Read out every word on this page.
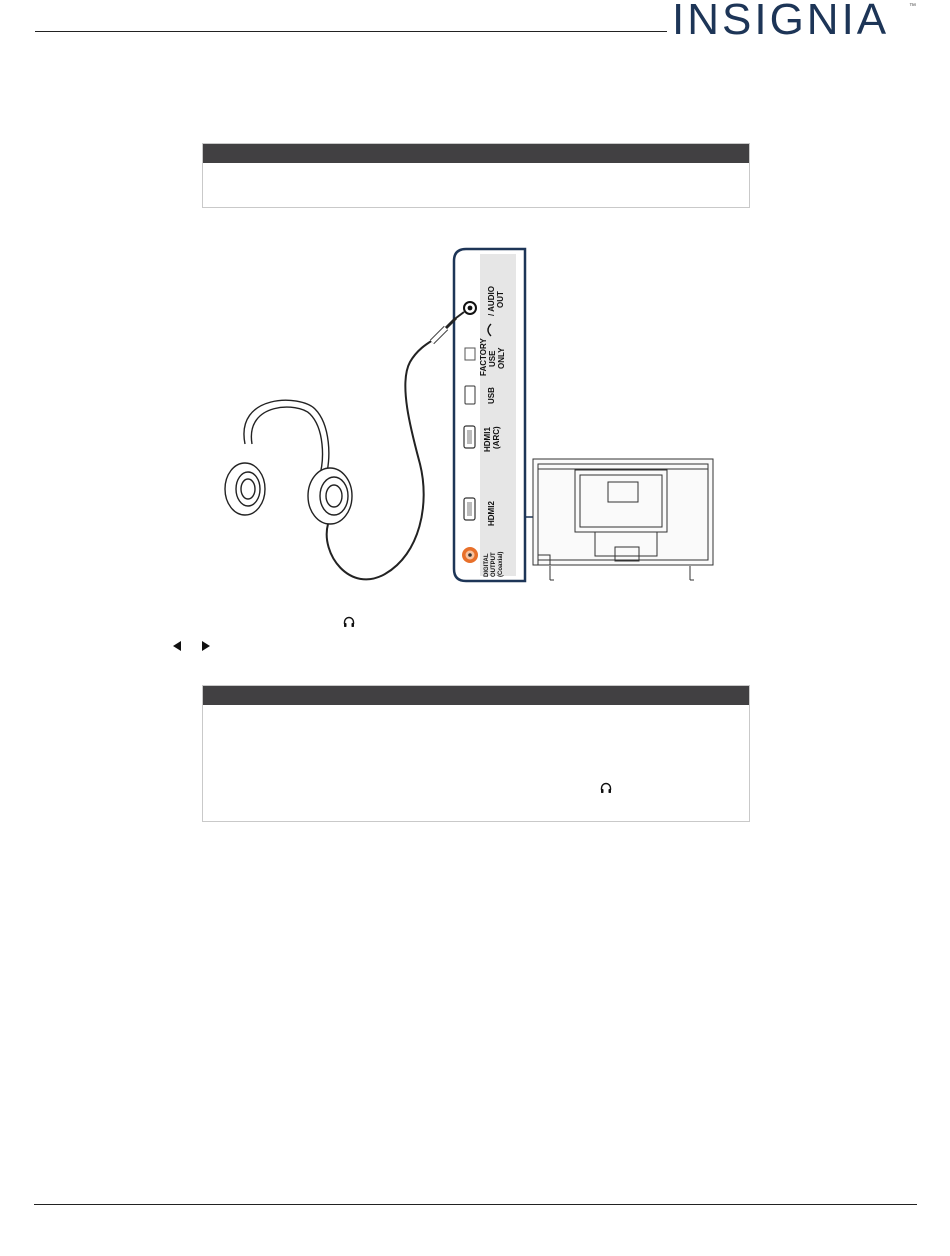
INSIGNIA	™
/ AUDIO OUT
FACTORY USE ONLY
USB
HDMI1 (ARC)
HDMI2
DIGITAL OUTPUT (Coaxial)
